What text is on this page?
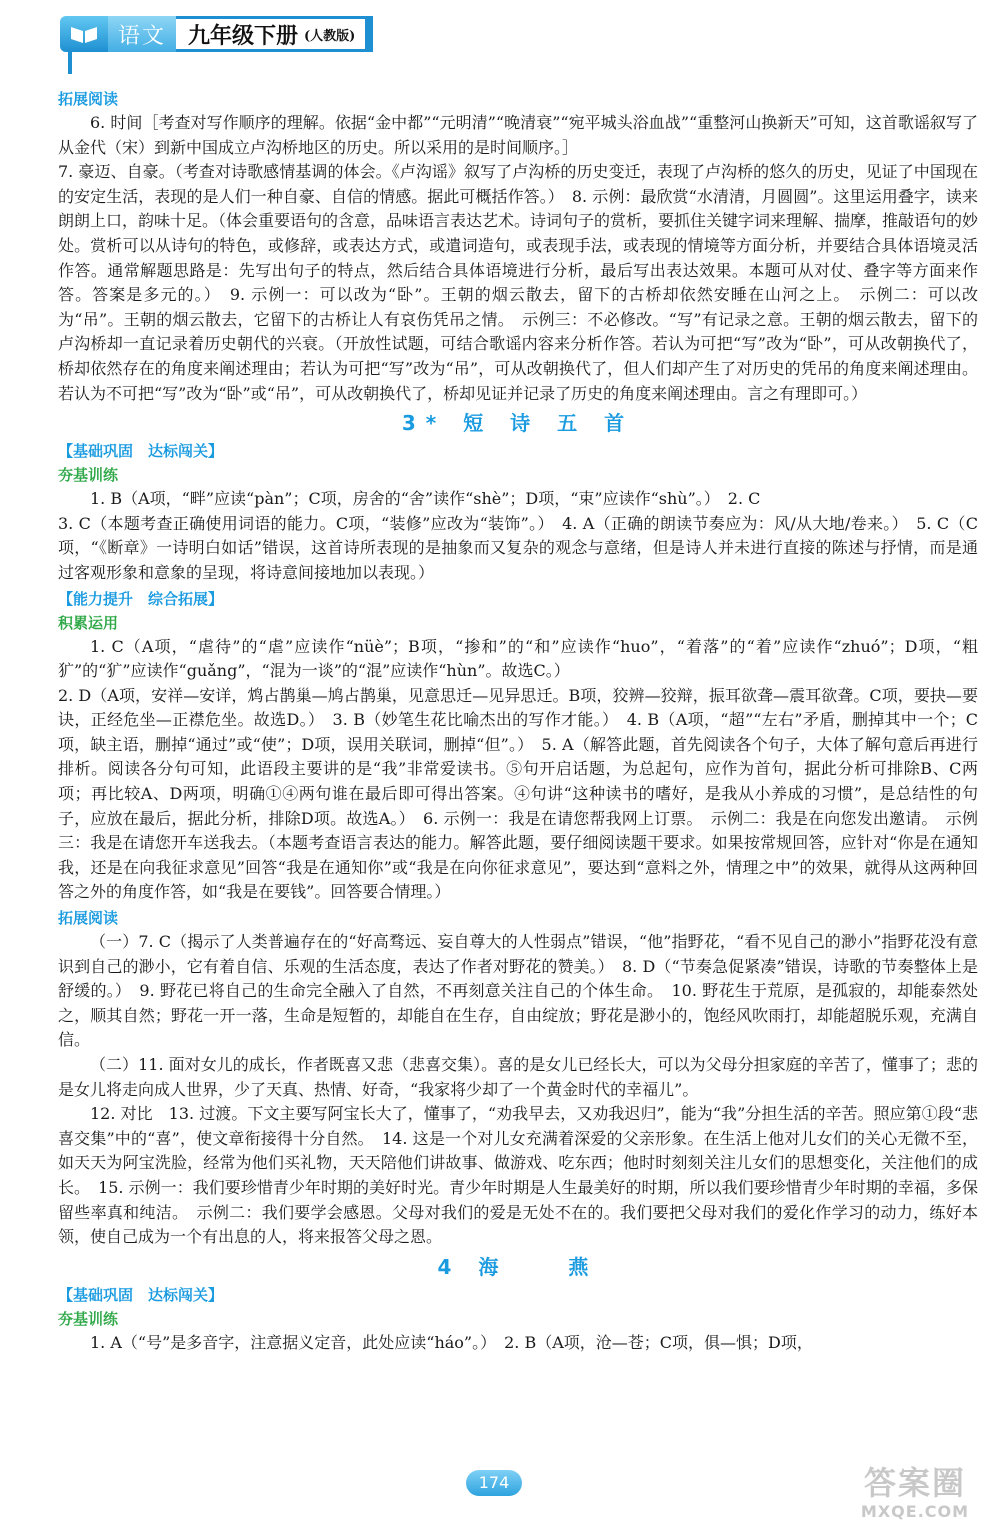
语文	九年级下册 (人教版)
拓展阅读

6. 时间［考查对写作顺序的理解。依据“金中都”“元明清”“晚清衰”“宛平城头浴血战”“重整河山换新天”可知，这首歌谣叙写了从金代（宋）到新中国成立卢沟桥地区的历史。所以采用的是时间顺序。］

7. 豪迈、自豪。（考查对诗歌感情基调的体会。《卢沟谣》叙写了卢沟桥的历史变迁，表现了卢沟桥的悠久的历史，见证了中国现在的安定生活，表现的是人们一种自豪、自信的情感。据此可概括作答。）　8. 示例：最欣赏“水清清，月圆圆”。这里运用叠字，读来朗朗上口，韵味十足。（体会重要语句的含意，品味语言表达艺术。诗词句子的赏析，要抓住关键字词来理解、揣摩，推敲语句的妙处。赏析可以从诗句的特色，或修辞，或表达方式，或遣词造句，或表现手法，或表现的情境等方面分析，并要结合具体语境灵活作答。通常解题思路是：先写出句子的特点，然后结合具体语境进行分析，最后写出表达效果。本题可从对仗、叠字等方面来作答。答案是多元的。）　9. 示例一：可以改为“卧”。王朝的烟云散去，留下的古桥却依然安睡在山河之上。　示例二：可以改为“吊”。王朝的烟云散去，它留下的古桥让人有哀伤凭吊之情。　示例三：不必修改。“写”有记录之意。王朝的烟云散去，留下的卢沟桥却一直记录着历史朝代的兴衰。（开放性试题，可结合歌谣内容来分析作答。若认为可把“写”改为“卧”，可从改朝换代了，桥却依然存在的角度来阐述理由；若认为可把“写”改为“吊”，可从改朝换代了，但人们却产生了对历史的凭吊的角度来阐述理由。若认为不可把“写”改为“卧”或“吊”，可从改朝换代了，桥却见证并记录了历史的角度来阐述理由。言之有理即可。）

3* 短 诗 五 首
【基础巩固　达标闯关】
夯基训练

1. B（A项，“畔”应读“pàn”；C项，房舍的“舍”读作“shè”；D项，“束”应读作“shù”。）　2. C

3. C（本题考查正确使用词语的能力。C项，“装修”应改为“装饰”。）　4. A（正确的朗读节奏应为：风/从大地/卷来。）　5. C（C项，“《断章》一诗明白如话”错误，这首诗所表现的是抽象而又复杂的观念与意绪，但是诗人并未进行直接的陈述与抒情，而是通过客观形象和意象的呈现，将诗意间接地加以表现。）

【能力提升　综合拓展】
积累运用

1. C（A项，“虐待”的“虐”应读作“nüè”；B项，“掺和”的“和”应读作“huo”，“着落”的“着”应读作“zhuó”；D项，“粗犷”的“犷”应读作“guǎng”，“混为一谈”的“混”应读作“hùn”。故选C。）

2. D（A项，安祥—安详，鸩占鹊巢—鸠占鹊巢，见意思迁—见异思迁。B项，狡辨—狡辩，振耳欲聋—震耳欲聋。C项，要抉—要诀，正经危坐—正襟危坐。故选D。）　3. B（妙笔生花比喻杰出的写作才能。）　4. B（A项，“超”“左右”矛盾，删掉其中一个；C项，缺主语，删掉“通过”或“使”；D项，误用关联词，删掉“但”。）　5. A（解答此题，首先阅读各个句子，大体了解句意后再进行排析。阅读各分句可知，此语段主要讲的是“我”非常爱读书。⑤句开启话题，为总起句，应作为首句，据此分析可排除B、C两项；再比较A、D两项，明确①④两句谁在最后即可得出答案。④句讲“这种读书的嗜好，是我从小养成的习惯”，是总结性的句子，应放在最后，据此分析，排除D项。故选A。）　6. 示例一：我是在请您帮我网上订票。　示例二：我是在向您发出邀请。　示例三：我是在请您开车送我去。（本题考查语言表达的能力。解答此题，要仔细阅读题干要求。如果按常规回答，应针对“你是在通知我，还是在向我征求意见”回答“我是在通知你”或“我是在向你征求意见”，要达到“意料之外，情理之中”的效果，就得从这两种回答之外的角度作答，如“我是在要钱”。回答要合情理。）

拓展阅读

（一）7. C（揭示了人类普遍存在的“好高骛远、妄自尊大的人性弱点”错误，“他”指野花，“看不见自己的渺小”指野花没有意识到自己的渺小，它有着自信、乐观的生活态度，表达了作者对野花的赞美。）　8. D（“节奏急促紧凑”错误，诗歌的节奏整体上是舒缓的。）　9. 野花已将自己的生命完全融入了自然，不再刻意关注自己的个体生命。　10. 野花生于荒原，是孤寂的，却能泰然处之，顺其自然；野花一开一落，生命是短暂的，却能自在生存，自由绽放；野花是渺小的，饱经风吹雨打，却能超脱乐观，充满自信。

（二）11. 面对女儿的成长，作者既喜又悲（悲喜交集）。喜的是女儿已经长大，可以为父母分担家庭的辛苦了，懂事了；悲的是女儿将走向成人世界，少了天真、热情、好奇，“我家将少却了一个黄金时代的幸福儿”。

12. 对比　13. 过渡。下文主要写阿宝长大了，懂事了，“劝我早去，又劝我迟归”，能为“我”分担生活的辛苦。照应第①段“悲喜交集”中的“喜”，使文章衔接得十分自然。　14. 这是一个对儿女充满着深爱的父亲形象。在生活上他对儿女们的关心无微不至，如天天为阿宝洗脸，经常为他们买礼物，天天陪他们讲故事、做游戏、吃东西；他时时刻刻关注儿女们的思想变化，关注他们的成长。　15. 示例一：我们要珍惜青少年时期的美好时光。青少年时期是人生最美好的时期，所以我们要珍惜青少年时期的幸福，多保留些率真和纯洁。　示例二：我们要学会感恩。父母对我们的爱是无处不在的。我们要把父母对我们的爱化作学习的动力，练好本领，使自己成为一个有出息的人，将来报答父母之恩。

4 海　　燕
【基础巩固　达标闯关】
夯基训练

1. A（“号”是多音字，注意据义定音，此处应读“háo”。）　2. B（A项，沧—苍；C项，俱—惧；D项，

174	答案圈
MXQE.COM
